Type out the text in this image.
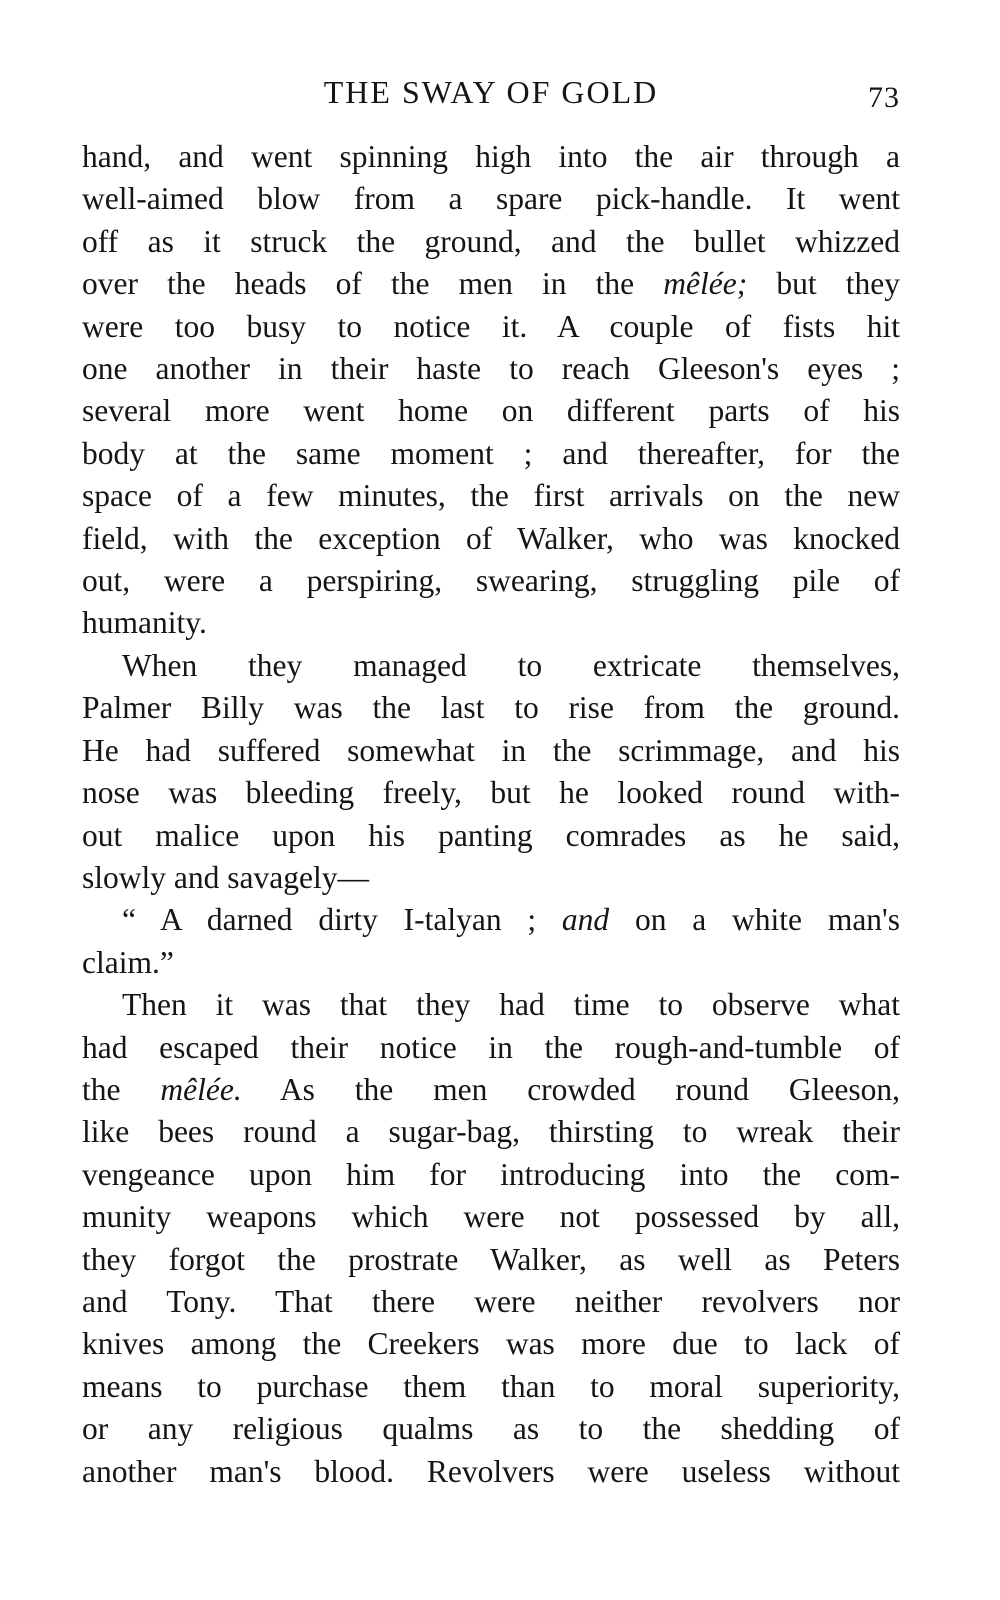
THE SWAY OF GOLD	73

hand, and went spinning high into the air through a

well-aimed blow from a spare pick-handle. It went

off as it struck the ground, and the bullet whizzed

over the heads of the men in the mêlée; but they

were too busy to notice it. A couple of fists hit

one another in their haste to reach Gleeson's eyes ;

several more went home on different parts of his

body at the same moment ; and thereafter, for the

space of a few minutes, the first arrivals on the new

field, with the exception of Walker, who was knocked

out, were a perspiring, swearing, struggling pile of

humanity.

When they managed to extricate themselves,

Palmer Billy was the last to rise from the ground.

He had suffered somewhat in the scrimmage, and his

nose was bleeding freely, but he looked round with-

out malice upon his panting comrades as he said,

slowly and savagely—

“ A darned dirty I-talyan ; and on a white man's

claim.”

Then it was that they had time to observe what

had escaped their notice in the rough-and-tumble of

the mêlée. As the men crowded round Gleeson,

like bees round a sugar-bag, thirsting to wreak their

vengeance upon him for introducing into the com-

munity weapons which were not possessed by all,

they forgot the prostrate Walker, as well as Peters

and Tony. That there were neither revolvers nor

knives among the Creekers was more due to lack of

means to purchase them than to moral superiority,

or any religious qualms as to the shedding of

another man's blood. Revolvers were useless without
